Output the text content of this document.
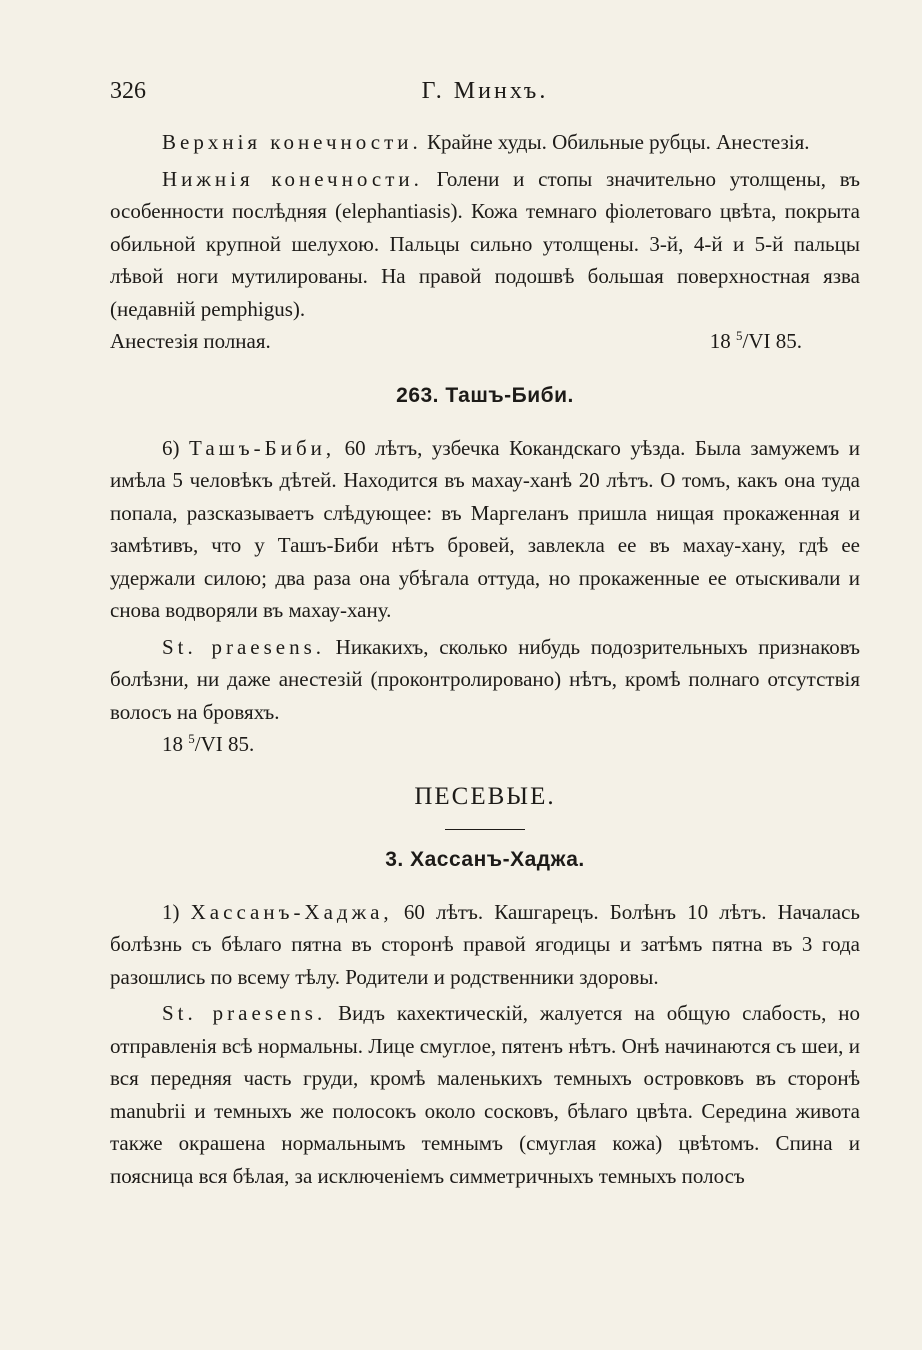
326	Г. Минхъ.

Верхнія конечности. Крайне худы. Обильные рубцы. Анестезія.

Нижнія конечности. Голени и стопы значительно утолщены, въ особенности послѣдняя (elephantiasis). Кожа темнаго фіолетоваго цвѣта, покрыта обильной крупной шелухою. Пальцы сильно утолщены. 3-й, 4-й и 5-й пальцы лѣвой ноги мутилированы. На правой подошвѣ большая поверхностная язва (недавній pemphigus).

Анестезія полная.	18 $^5$/VI 85.

263. Ташъ-Биби.

6) Ташъ-Биби, 60 лѣтъ, узбечка Кокандскаго уѣзда. Была замужемъ и имѣла 5 человѣкъ дѣтей. Находится въ махау-ханѣ 20 лѣтъ. О томъ, какъ она туда попала, разсказываетъ слѣдующее: въ Маргеланъ пришла нищая прокаженная и замѣтивъ, что у Ташъ-Биби нѣтъ бровей, завлекла ее въ махау-хану, гдѣ ее удержали силою; два раза она убѣгала оттуда, но прокаженные ее отыскивали и снова водворяли въ махау-хану.

St. praesens. Никакихъ, сколько нибудь подозрительныхъ признаковъ болѣзни, ни даже анестезій (проконтролировано) нѣтъ, кромѣ полнаго отсутствія волосъ на бровяхъ.

18 $^5$/VI 85.

ПЕСЕВЫЕ.
3. Хассанъ-Хаджа.

1) Хассанъ-Хаджа, 60 лѣтъ. Кашгарецъ. Болѣнъ 10 лѣтъ. Началась болѣзнь съ бѣлаго пятна въ сторонѣ правой ягодицы и затѣмъ пятна въ 3 года разошлись по всему тѣлу. Родители и родственники здоровы.

St. praesens. Видъ кахектическій, жалуется на общую слабость, но отправленія всѣ нормальны. Лице смуглое, пятенъ нѣтъ. Онѣ начинаются съ шеи, и вся передняя часть груди, кромѣ маленькихъ темныхъ островковъ въ сторонѣ manubrii и темныхъ же полосокъ около сосковъ, бѣлаго цвѣта. Середина живота также окрашена нормальнымъ темнымъ (смуглая кожа) цвѣтомъ. Спина и поясница вся бѣлая, за исключеніемъ симметричныхъ темныхъ полосъ
